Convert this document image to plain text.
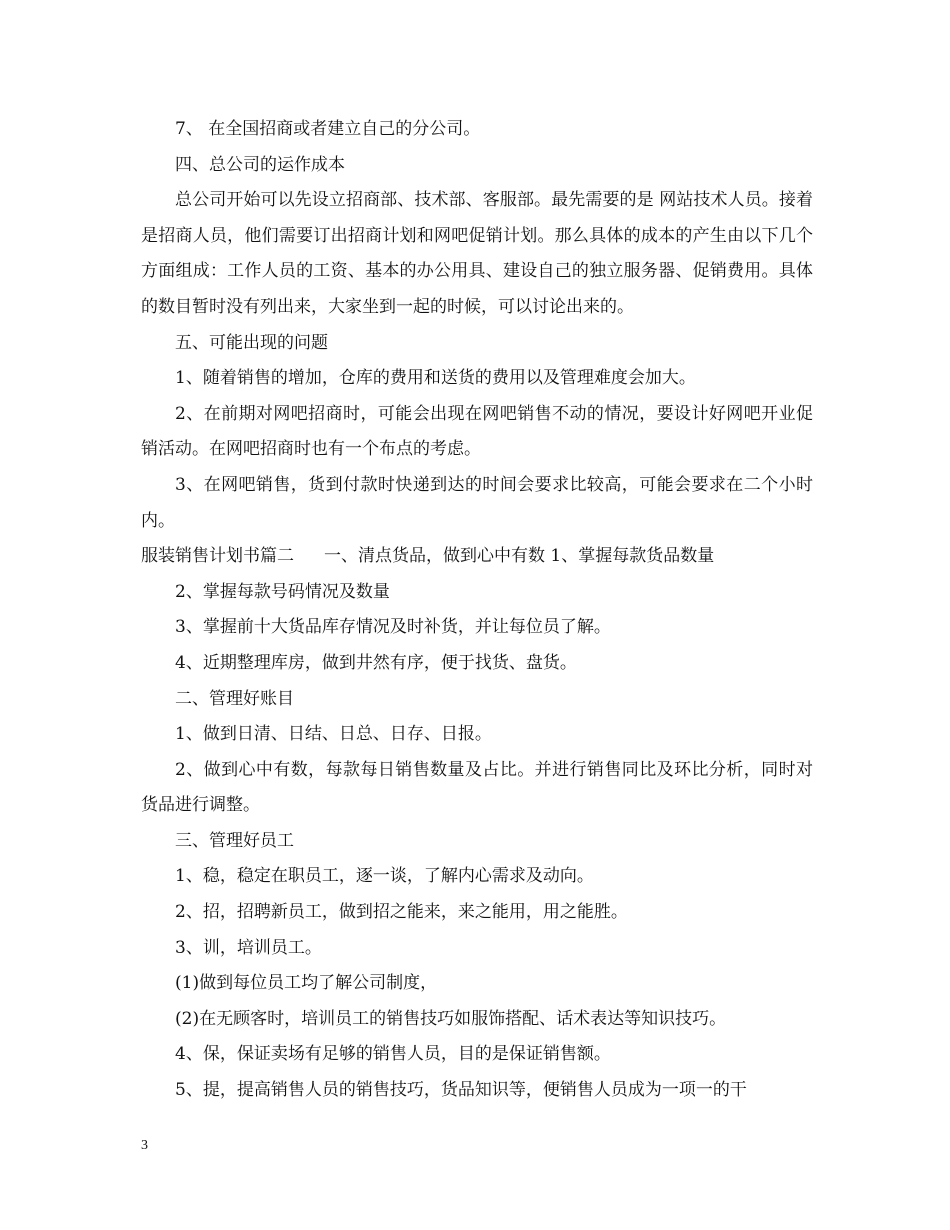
7、 在全国招商或者建立自己的分公司。

四、总公司的运作成本

总公司开始可以先设立招商部、技术部、客服部。最先需要的是 网站技术人员。接着是招商人员，他们需要订出招商计划和网吧促销计划。那么具体的成本的产生由以下几个方面组成：工作人员的工资、基本的办公用具、建设自己的独立服务器、促销费用。具体的数目暂时没有列出来，大家坐到一起的时候，可以讨论出来的。

五、可能出现的问题

1、随着销售的增加，仓库的费用和送货的费用以及管理难度会加大。

2、在前期对网吧招商时，可能会出现在网吧销售不动的情况，要设计好网吧开业促销活动。在网吧招商时也有一个布点的考虑。

3、在网吧销售，货到付款时快递到达的时间会要求比较高，可能会要求在二个小时内。

服装销售计划书篇二 一、清点货品，做到心中有数 1、掌握每款货品数量

2、掌握每款号码情况及数量

3、掌握前十大货品库存情况及时补货，并让每位员了解。

4、近期整理库房，做到井然有序，便于找货、盘货。

二、管理好账目

1、做到日清、日结、日总、日存、日报。

2、做到心中有数，每款每日销售数量及占比。并进行销售同比及环比分析，同时对货品进行调整。

三、管理好员工

1、稳，稳定在职员工，逐一谈，了解内心需求及动向。

2、招，招聘新员工，做到招之能来，来之能用，用之能胜。

3、训，培训员工。

(1)做到每位员工均了解公司制度，

(2)在无顾客时，培训员工的销售技巧如服饰搭配、话术表达等知识技巧。

4、保，保证卖场有足够的销售人员，目的是保证销售额。

5、提，提高销售人员的销售技巧，货品知识等，便销售人员成为一项一的干

3
